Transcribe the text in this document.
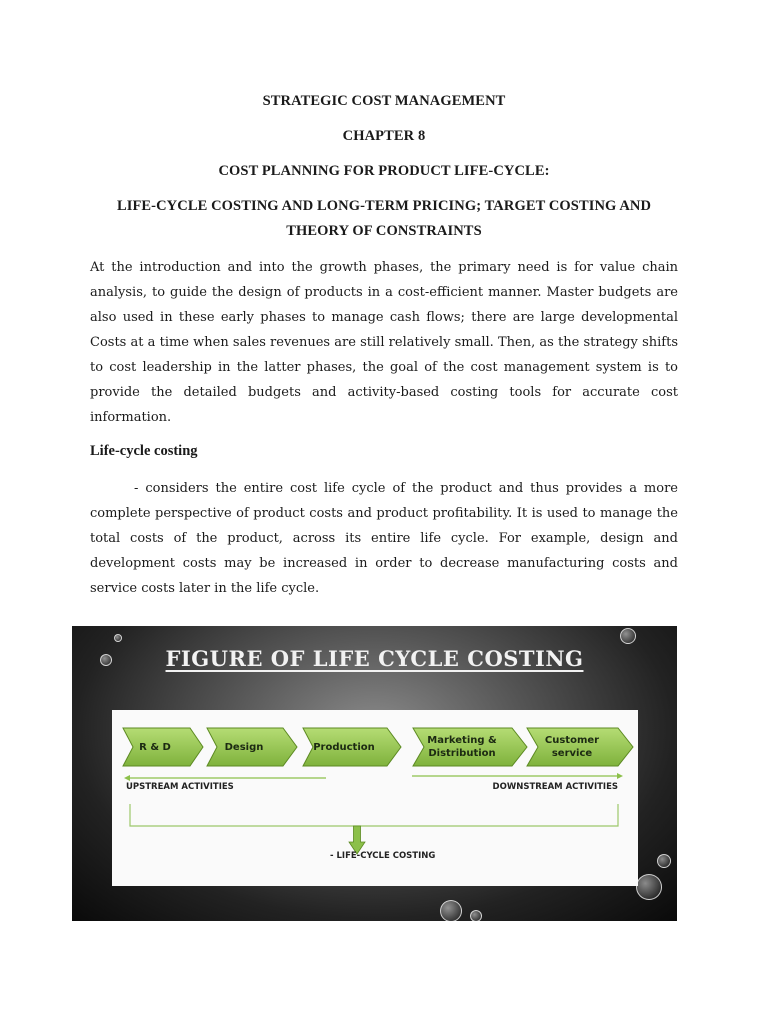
STRATEGIC COST MANAGEMENT
CHAPTER 8
COST PLANNING FOR PRODUCT LIFE-CYCLE:
LIFE-CYCLE COSTING AND LONG-TERM PRICING; TARGET COSTING AND
THEORY OF CONSTRAINTS

At the introduction and into the growth phases, the primary need is for value chain analysis, to guide the design of products in a cost-efficient manner. Master budgets are also used in these early phases to manage cash flows; there are large developmental Costs at a time when sales revenues are still relatively small. Then, as the strategy shifts to cost leadership in the latter phases, the goal of the cost management system is to provide the detailed budgets and activity-based costing tools for accurate cost information.

Life-cycle costing

- considers the entire cost life cycle of the product and thus provides a more complete perspective of product costs and product profitability. It is used to manage the total costs of the product, across its entire life cycle. For example, design and development costs may be increased in order to decrease manufacturing costs and service costs later in the life cycle.

FIGURE OF LIFE CYCLE COSTING
R & D	Design	Production
Marketing &
Distribution
Customer
service
UPSTREAM ACTIVITIES	DOWNSTREAM ACTIVITIES
- LIFE-CYCLE COSTING
